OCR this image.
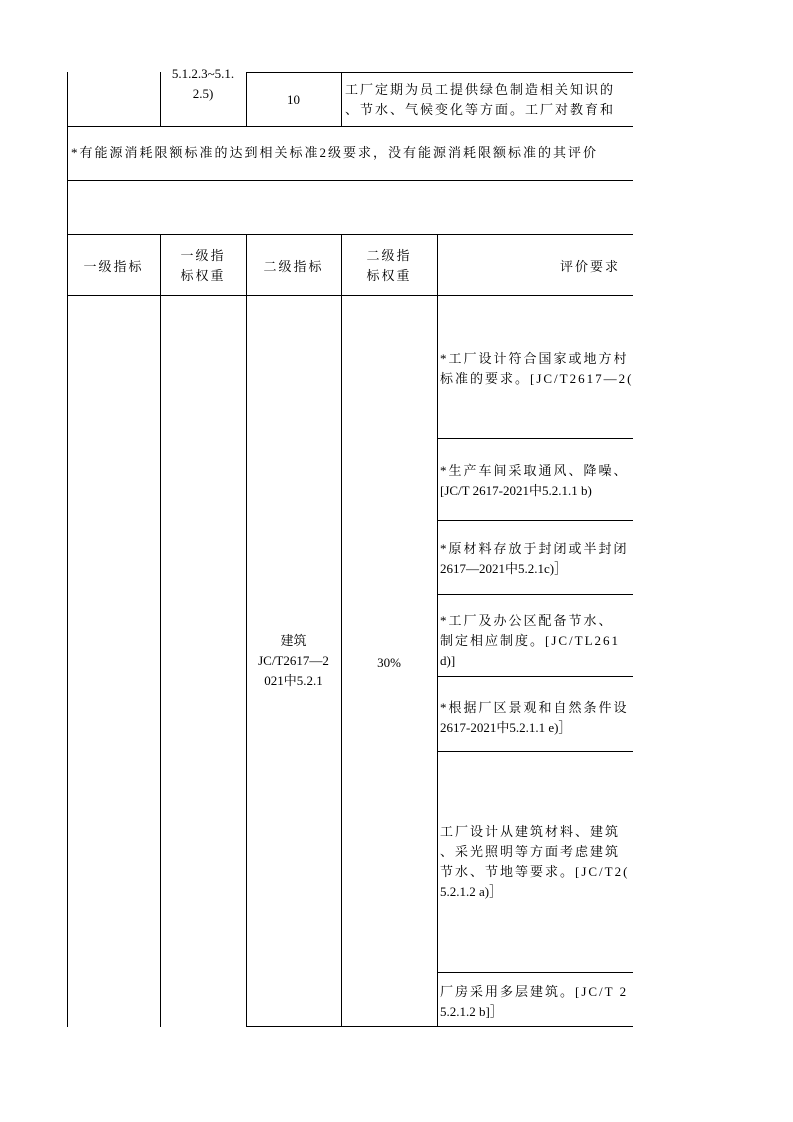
5.1.2.3~5.1.
2.5)	10
工厂定期为员工提供绿色制造相关知识的
、节水、气候变化等方面。工厂对教育和
*有能源消耗限额标准的达到相关标准2级要求，没有能源消耗限额标准的其评价
一级指标
一级指
标权重
二级指标
二级指
标权重
评价要求
建筑
JC/T2617—2
021中5.2.1
30%
*工厂设计符合国家或地方村
标准的要求。[JC/T2617—2(
*生产车间采取通风、降噪、
[JC/T 2617-2021中5.2.1.1 b)
*原材料存放于封闭或半封闭
2617—2021中5.2.1c)］
*工厂及办公区配备节水、
制定相应制度。[JC/TL261
d)]
*根据厂区景观和自然条件设
2617-2021中5.2.1.1 e)］
工厂设计从建筑材料、建筑
、采光照明等方面考虑建筑
节水、节地等要求。[JC/T2(
5.2.1.2 a)］
厂房采用多层建筑。[JC/T 2
5.2.1.2 b]］
